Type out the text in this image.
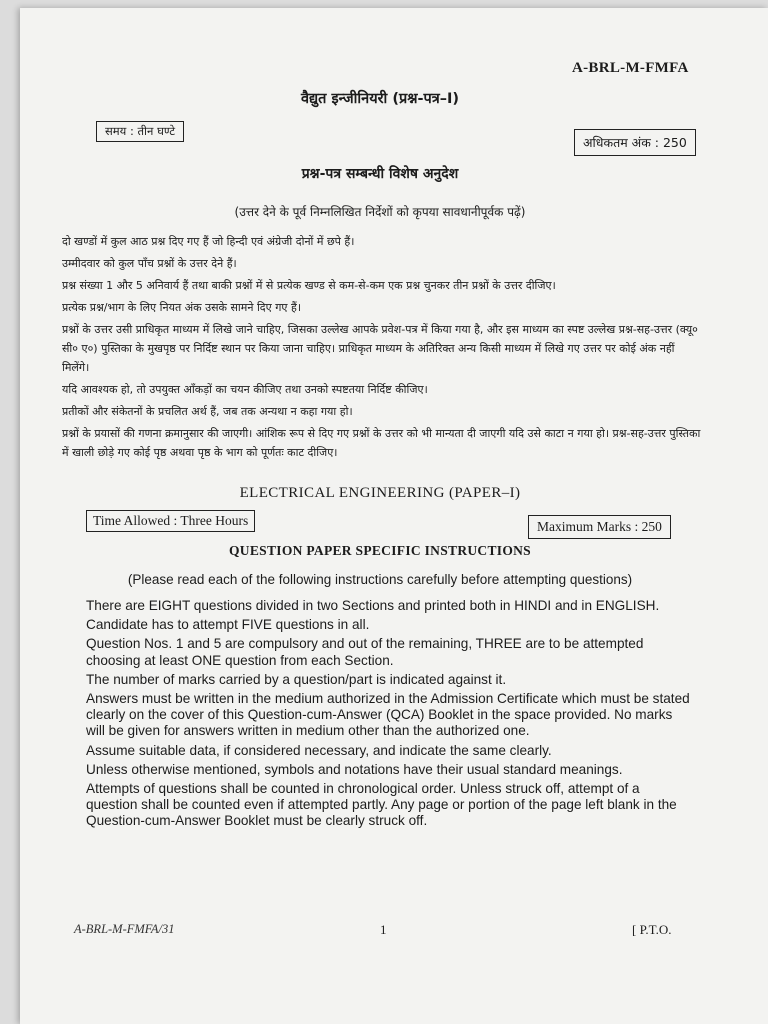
A-BRL-M-FMFA
वैद्युत इन्जीनियरी (प्रश्न-पत्र–I)
समय : तीन घण्टे
अधिकतम अंक : 250
प्रश्न-पत्र सम्बन्धी विशेष अनुदेश
(उत्तर देने के पूर्व निम्नलिखित निर्देशों को कृपया सावधानीपूर्वक पढ़ें)

दो खण्डों में कुल आठ प्रश्न दिए गए हैं जो हिन्दी एवं अंग्रेजी दोनों में छपे हैं।

उम्मीदवार को कुल पाँच प्रश्नों के उत्तर देने हैं।

प्रश्न संख्या 1 और 5 अनिवार्य हैं तथा बाकी प्रश्नों में से प्रत्येक खण्ड से कम-से-कम एक प्रश्न चुनकर तीन प्रश्नों के उत्तर दीजिए।

प्रत्येक प्रश्न/भाग के लिए नियत अंक उसके सामने दिए गए हैं।

प्रश्नों के उत्तर उसी प्राधिकृत माध्यम में लिखे जाने चाहिए, जिसका उल्लेख आपके प्रवेश-पत्र में किया गया है, और इस माध्यम का स्पष्ट उल्लेख प्रश्न-सह-उत्तर (क्यू० सी० ए०) पुस्तिका के मुखपृष्ठ पर निर्दिष्ट स्थान पर किया जाना चाहिए। प्राधिकृत माध्यम के अतिरिक्त अन्य किसी माध्यम में लिखे गए उत्तर पर कोई अंक नहीं मिलेंगे।

यदि आवश्यक हो, तो उपयुक्त आँकड़ों का चयन कीजिए तथा उनको स्पष्टतया निर्दिष्ट कीजिए।

प्रतीकों और संकेतनों के प्रचलित अर्थ हैं, जब तक अन्यथा न कहा गया हो।

प्रश्नों के प्रयासों की गणना क्रमानुसार की जाएगी। आंशिक रूप से दिए गए प्रश्नों के उत्तर को भी मान्यता दी जाएगी यदि उसे काटा न गया हो। प्रश्न-सह-उत्तर पुस्तिका में खाली छोड़े गए कोई पृष्ठ अथवा पृष्ठ के भाग को पूर्णतः काट दीजिए।

ELECTRICAL ENGINEERING (PAPER–I)
Time Allowed : Three Hours	Maximum Marks : 250
QUESTION PAPER SPECIFIC INSTRUCTIONS
(Please read each of the following instructions carefully before attempting questions)

There are EIGHT questions divided in two Sections and printed both in HINDI and in ENGLISH.

Candidate has to attempt FIVE questions in all.

Question Nos. 1 and 5 are compulsory and out of the remaining, THREE are to be attempted choosing at least ONE question from each Section.

The number of marks carried by a question/part is indicated against it.

Answers must be written in the medium authorized in the Admission Certificate which must be stated clearly on the cover of this Question-cum-Answer (QCA) Booklet in the space provided. No marks will be given for answers written in medium other than the authorized one.

Assume suitable data, if considered necessary, and indicate the same clearly.

Unless otherwise mentioned, symbols and notations have their usual standard meanings.

Attempts of questions shall be counted in chronological order. Unless struck off, attempt of a question shall be counted even if attempted partly. Any page or portion of the page left blank in the Question-cum-Answer Booklet must be clearly struck off.

A-BRL-M-FMFA/31	1	[ P.T.O.
